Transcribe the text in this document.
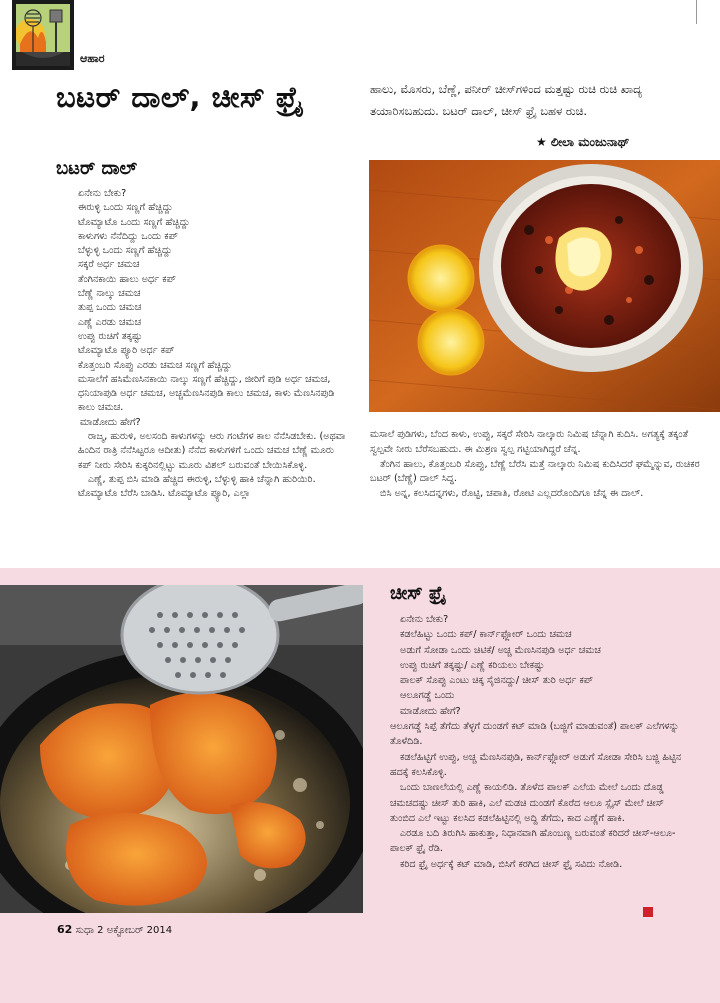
ಆಹಾರ
ಬಟರ್ ದಾಲ್, ಚೀಸ್ ಫ್ರೈ	ಹಾಲು, ಮೊಸರು, ಬೆಣ್ಣೆ, ಪನೀರ್ ಚೀಸ್‌ಗಳಿಂದ ಮತ್ತಷ್ಟು ರುಚಿ ರುಚಿ ಖಾದ್ಯ ತಯಾರಿಸಬಹುದು. ಬಟರ್ ದಾಲ್, ಚೀಸ್ ಫ್ರೈ ಬಹಳ ರುಚಿ.
★ ಲೀಲಾ ಮಂಜುನಾಥ್
ಬಟರ್ ದಾಲ್
ಏನೇನು ಬೇಕು?
ಈರುಳ್ಳಿ ಒಂದು ಸಣ್ಣಗೆ ಹೆಚ್ಚಿದ್ದು
ಟೊಮ್ಯಾಟೊ ಒಂದು ಸಣ್ಣಗೆ ಹೆಚ್ಚಿದ್ದು
ಕಾಳುಗಳು ನೆನೆದಿದ್ದು ಒಂದು ಕಪ್
ಬೆಳ್ಳುಳ್ಳಿ ಒಂದು ಸಣ್ಣಗೆ ಹೆಚ್ಚಿದ್ದು
ಸಕ್ಕರೆ ಅರ್ಧ ಚಮಚ
ತೆಂಗಿನಕಾಯಿ ಹಾಲು ಅರ್ಧ ಕಪ್
ಬೆಣ್ಣೆ ನಾಲ್ಕು ಚಮಚ
ತುಪ್ಪ ಒಂದು ಚಮಚ
ಎಣ್ಣೆ ಎರಡು ಚಮಚ
ಉಪ್ಪು ರುಚಿಗೆ ತಕ್ಕಷ್ಟು
ಟೊಮ್ಯಾಟೊ ಪ್ಯೂರಿ ಅರ್ಧ ಕಪ್
ಕೊತ್ತಂಬರಿ ಸೊಪ್ಪು ಎರಡು ಚಮಚ ಸಣ್ಣಗೆ ಹೆಚ್ಚಿದ್ದು
ಮಸಾಲೆಗೆ ಹಸಿಮೆಣಸಿನಕಾಯಿ ನಾಲ್ಕು ಸಣ್ಣಗೆ ಹೆಚ್ಚಿದ್ದು, ಜೀರಿಗೆ ಪುಡಿ ಅರ್ಧ ಚಮಚ, ಧನಿಯಾಪುಡಿ ಅರ್ಧ ಚಮಚ, ಅಚ್ಚಮೆಣಸಿನಪುಡಿ ಕಾಲು ಚಮಚ, ಕಾಳು ಮೆಣಸಿನಪುಡಿ ಕಾಲು ಚಮಚ.
ಮಾಡೋದು ಹೇಗೆ?
ರಾಜ್ಮ, ಹುರುಳಿ, ಅಲಸಂದಿ ಕಾಳುಗಳನ್ನು ಆರು ಗಂಟೆಗಳ ಕಾಲ ನೆನೆಸಿಡಬೇಕು. (ಅಥವಾ ಹಿಂದಿನ ರಾತ್ರಿ ನೆನೆಸಿಟ್ಟರೂ ಆದೀತು) ನೆನೆದ ಕಾಳುಗಳಿಗೆ ಒಂದು ಚಮಚ ಬೆಣ್ಣೆ ಮೂರು ಕಪ್ ನೀರು ಸೇರಿಸಿ ಕುಕ್ಕರಿನಲ್ಲಿಟ್ಟು ಮೂರು ವಿಶಲ್ ಬರುವಂತೆ ಬೇಯಿಸಿಕೊಳ್ಳಿ.
ಎಣ್ಣೆ, ತುಪ್ಪ ಬಿಸಿ ಮಾಡಿ ಹೆಚ್ಚಿದ ಈರುಳ್ಳಿ, ಬೆಳ್ಳುಳ್ಳಿ ಹಾಕಿ ಚೆನ್ನಾಗಿ ಹುರಿಯಿರಿ. ಟೊಮ್ಯಾಟೊ ಬೆರೆಸಿ ಬಾಡಿಸಿ. ಟೊಮ್ಯಾಟೊ ಪ್ಯೂರಿ, ಎಲ್ಲಾ
ಮಸಾಲೆ ಪುಡಿಗಳು, ಬೆಂದ ಕಾಳು, ಉಪ್ಪು, ಸಕ್ಕರೆ ಸೇರಿಸಿ ನಾಲ್ಕಾರು ನಿಮಿಷ ಚೆನ್ನಾಗಿ ಕುದಿಸಿ. ಅಗತ್ಯಕ್ಕೆ ತಕ್ಕಂತೆ ಸ್ವಲ್ಪವೇ ನೀರು ಬೆರೆಸಬಹುದು. ಈ ಮಿಶ್ರಣ ಸ್ವಲ್ಪ ಗಟ್ಟಿಯಾಗಿದ್ದರೆ ಚೆನ್ನ.
ತೆಂಗಿನ ಹಾಲು, ಕೊತ್ತಂಬರಿ ಸೊಪ್ಪು, ಬೆಣ್ಣೆ ಬೆರೆಸಿ ಮತ್ತೆ ನಾಲ್ಕಾರು ನಿಮಿಷ ಕುದಿಸಿದರೆ ಘಮ್ಮೆನ್ನುವ, ರುಚಿಕರ ಬಟರ್ (ಬೆಣ್ಣೆ) ದಾಲ್ ಸಿದ್ಧ.
ಬಿಸಿ ಅನ್ನ, ಕಲಸಿದನ್ನಗಳು, ರೊಟ್ಟಿ, ಚಪಾತಿ, ರೋಟಿ ಎಲ್ಲದರೊಂದಿಗೂ ಚೆನ್ನ ಈ ದಾಲ್.
ಚೀಸ್ ಫ್ರೈ
ಏನೇನು ಬೇಕು?
ಕಡಲೆಹಿಟ್ಟು ಒಂದು ಕಪ್/ ಕಾರ್ನ್‌ಫ್ಲೋರ್ ಒಂದು ಚಮಚ
ಅಡುಗೆ ಸೋಡಾ ಒಂದು ಚಿಟಿಕೆ/ ಅಚ್ಚ ಮೆಣಸಿನಪುಡಿ ಅರ್ಧ ಚಮಚ
ಉಪ್ಪು ರುಚಿಗೆ ತಕ್ಕಷ್ಟು/ ಎಣ್ಣೆ ಕರಿಯಲು ಬೇಕಷ್ಟು
ಪಾಲಕ್ ಸೊಪ್ಪು ಎಂಟು ಚಿಕ್ಕ ಸೈಜಿನದ್ದು/ ಚೀಸ್ ತುರಿ ಅರ್ಧ ಕಪ್
ಆಲೂಗಡ್ಡೆ ಒಂದು
ಮಾಡೋದು ಹೇಗೆ?
ಆಲೂಗಡ್ಡೆ ಸಿಪ್ಪೆ ತೆಗೆದು ತೆಳ್ಳಗೆ ದುಂಡಗೆ ಕಟ್ ಮಾಡಿ (ಬಜ್ಜಿಗೆ ಮಾಡುವಂತೆ) ಪಾಲಕ್ ಎಲೆಗಳನ್ನು ತೊಳೆದಿಡಿ.
ಕಡಲೆಹಿಟ್ಟಿಗೆ ಉಪ್ಪು, ಅಚ್ಚ ಮೆಣಸಿನಪುಡಿ, ಕಾರ್ನ್‌ಫ್ಲೋರ್ ಅಡುಗೆ ಸೋಡಾ ಸೇರಿಸಿ ಬಜ್ಜಿ ಹಿಟ್ಟಿನ ಹದಕ್ಕೆ ಕಲಸಿಕೊಳ್ಳಿ.
ಒಂದು ಬಾಣಲೆಯಲ್ಲಿ ಎಣ್ಣೆ ಕಾಯಲಿಡಿ. ತೊಳೆದ ಪಾಲಕ್ ಎಲೆಯ ಮೇಲೆ ಒಂದು ದೊಡ್ಡ ಚಮಚದಷ್ಟು ಚೀಸ್ ತುರಿ ಹಾಕಿ, ಎಲೆ ಮಡಚಿ ದುಂಡಗೆ ಕೊರೆದ ಆಲೂ ಸ್ಲೈಸ್ ಮೇಲೆ ಚೀಸ್ ತುಂಬಿದ ಎಲೆ ಇಟ್ಟು ಕಲಸಿದ ಕಡಲೆಹಿಟ್ಟಿನಲ್ಲಿ ಅದ್ದಿ ತೆಗೆದು, ಕಾದ ಎಣ್ಣೆಗೆ ಹಾಕಿ.
ಎರಡೂ ಬದಿ ತಿರುಗಿಸಿ ಹಾಕುತ್ತಾ, ನಿಧಾನವಾಗಿ ಹೊಂಬಣ್ಣ ಬರುವಂತೆ ಕರಿದರೆ ಚೀಸ್-ಆಲೂ-ಪಾಲಕ್ ಫ್ರೈ ರೆಡಿ.
ಕರಿದ ಫ್ರೈ ಅರ್ಧಕ್ಕೆ ಕಟ್ ಮಾಡಿ, ಬಿಸಿಗೆ ಕರಗಿದ ಚೀಸ್ ಫ್ರೈ ಸವಿದು ನೋಡಿ.
62 ಸುಧಾ 2 ಅಕ್ಟೋಬರ್ 2014
